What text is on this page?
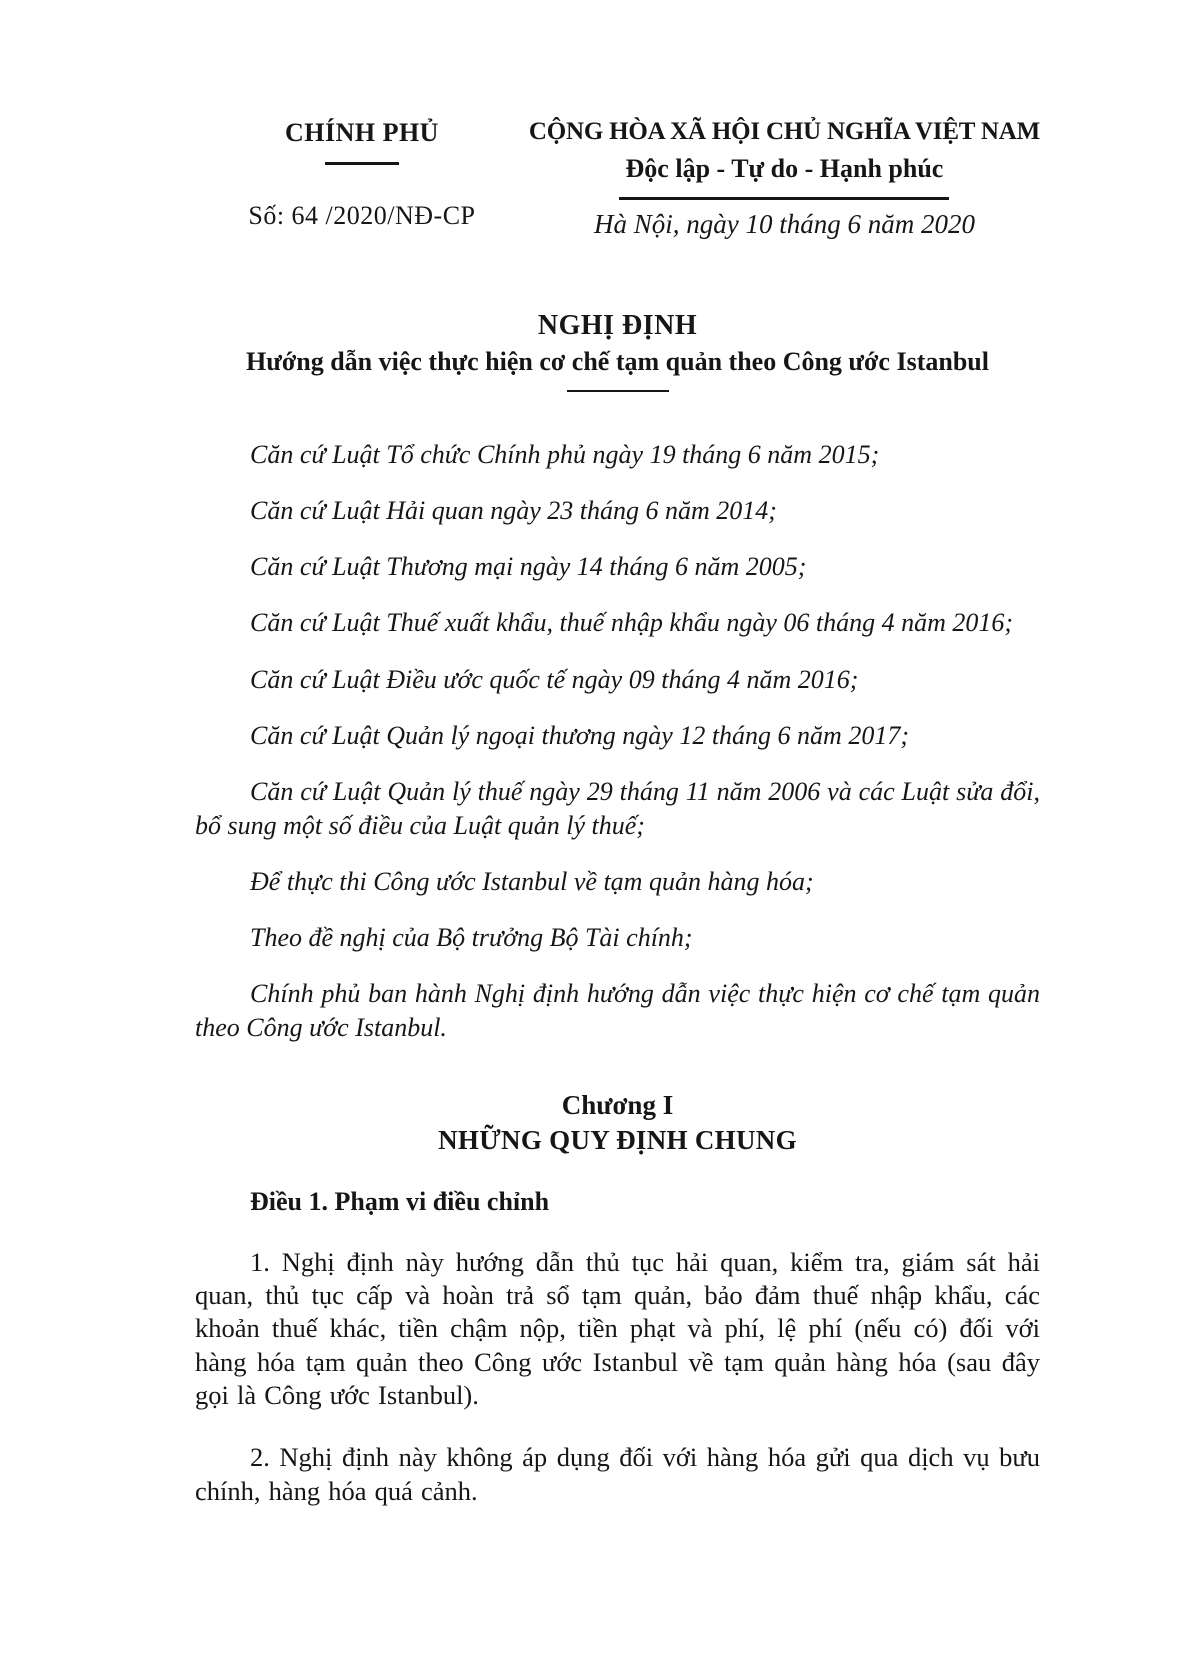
CHÍNH PHỦ
Số: 64 /2020/NĐ-CP
CỘNG HÒA XÃ HỘI CHỦ NGHĨA VIỆT NAM
Độc lập - Tự do - Hạnh phúc
Hà Nội, ngày 10 tháng 6 năm 2020
NGHỊ ĐỊNH
Hướng dẫn việc thực hiện cơ chế tạm quản theo Công ước Istanbul

Căn cứ Luật Tổ chức Chính phủ ngày 19 tháng 6 năm 2015;

Căn cứ Luật Hải quan ngày 23 tháng 6 năm 2014;

Căn cứ Luật Thương mại ngày 14 tháng 6 năm 2005;

Căn cứ Luật Thuế xuất khẩu, thuế nhập khẩu ngày 06 tháng 4 năm 2016;

Căn cứ Luật Điều ước quốc tế ngày 09 tháng 4 năm 2016;

Căn cứ Luật Quản lý ngoại thương ngày 12 tháng 6 năm 2017;

Căn cứ Luật Quản lý thuế ngày 29 tháng 11 năm 2006 và các Luật sửa đổi, bổ sung một số điều của Luật quản lý thuế;

Để thực thi Công ước Istanbul về tạm quản hàng hóa;

Theo đề nghị của Bộ trưởng Bộ Tài chính;

Chính phủ ban hành Nghị định hướng dẫn việc thực hiện cơ chế tạm quản theo Công ước Istanbul.

Chương I
NHỮNG QUY ĐỊNH CHUNG

Điều 1. Phạm vi điều chỉnh

1. Nghị định này hướng dẫn thủ tục hải quan, kiểm tra, giám sát hải quan, thủ tục cấp và hoàn trả sổ tạm quản, bảo đảm thuế nhập khẩu, các khoản thuế khác, tiền chậm nộp, tiền phạt và phí, lệ phí (nếu có) đối với hàng hóa tạm quản theo Công ước Istanbul về tạm quản hàng hóa (sau đây gọi là Công ước Istanbul).

2. Nghị định này không áp dụng đối với hàng hóa gửi qua dịch vụ bưu chính, hàng hóa quá cảnh.
